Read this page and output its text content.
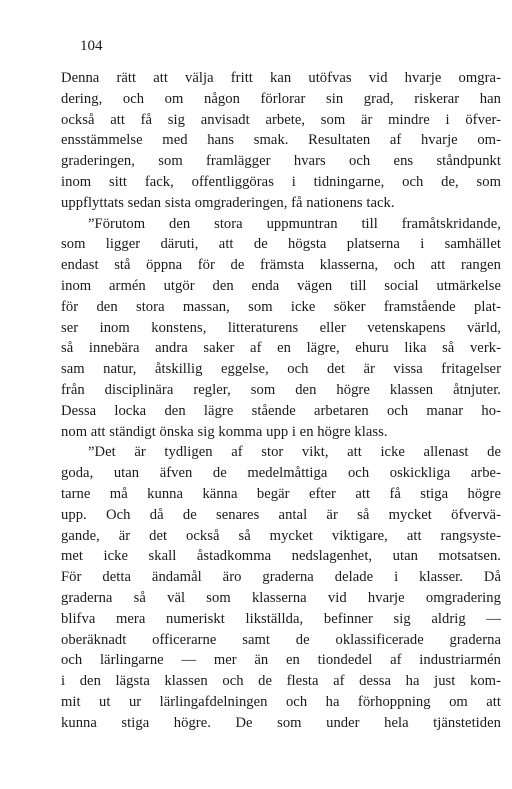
104
Denna rätt att välja fritt kan utöfvas vid hvarje omgra-
dering, och om någon förlorar sin grad, riskerar han
också att få sig anvisadt arbete, som är mindre i öfver-
ensstämmelse med hans smak. Resultaten af hvarje om-
graderingen, som framlägger hvars och ens ståndpunkt
inom sitt fack, offentliggöras i tidningarne, och de, som
uppflyttats sedan sista omgraderingen, få nationens tack.
”Förutom den stora uppmuntran till framåtskridande,
som ligger däruti, att de högsta platserna i samhället
endast stå öppna för de främsta klasserna, och att rangen
inom armén utgör den enda vägen till social utmärkelse
för den stora massan, som icke söker framstående plat-
ser inom konstens, litteraturens eller vetenskapens värld,
så innebära andra saker af en lägre, ehuru lika så verk-
sam natur, åtskillig eggelse, och det är vissa fritagelser
från disciplinära regler, som den högre klassen åtnjuter.
Dessa locka den lägre stående arbetaren och manar ho-
nom att ständigt önska sig komma upp i en högre klass.
”Det är tydligen af stor vikt, att icke allenast de
goda, utan äfven de medelmåttiga och oskickliga arbe-
tarne må kunna känna begär efter att få stiga högre
upp. Och då de senares antal är så mycket öfvervä-
gande, är det också så mycket viktigare, att rangsyste-
met icke skall åstadkomma nedslagenhet, utan motsatsen.
För detta ändamål äro graderna delade i klasser. Då
graderna så väl som klasserna vid hvarje omgradering
blifva mera numeriskt likställda, befinner sig aldrig —
oberäknadt officerarne samt de oklassificerade graderna
och lärlingarne — mer än en tiondedel af industriarmén
i den lägsta klassen och de flesta af dessa ha just kom-
mit ut ur lärlingafdelningen och ha förhoppning om att
kunna stiga högre. De som under hela tjänstetiden
